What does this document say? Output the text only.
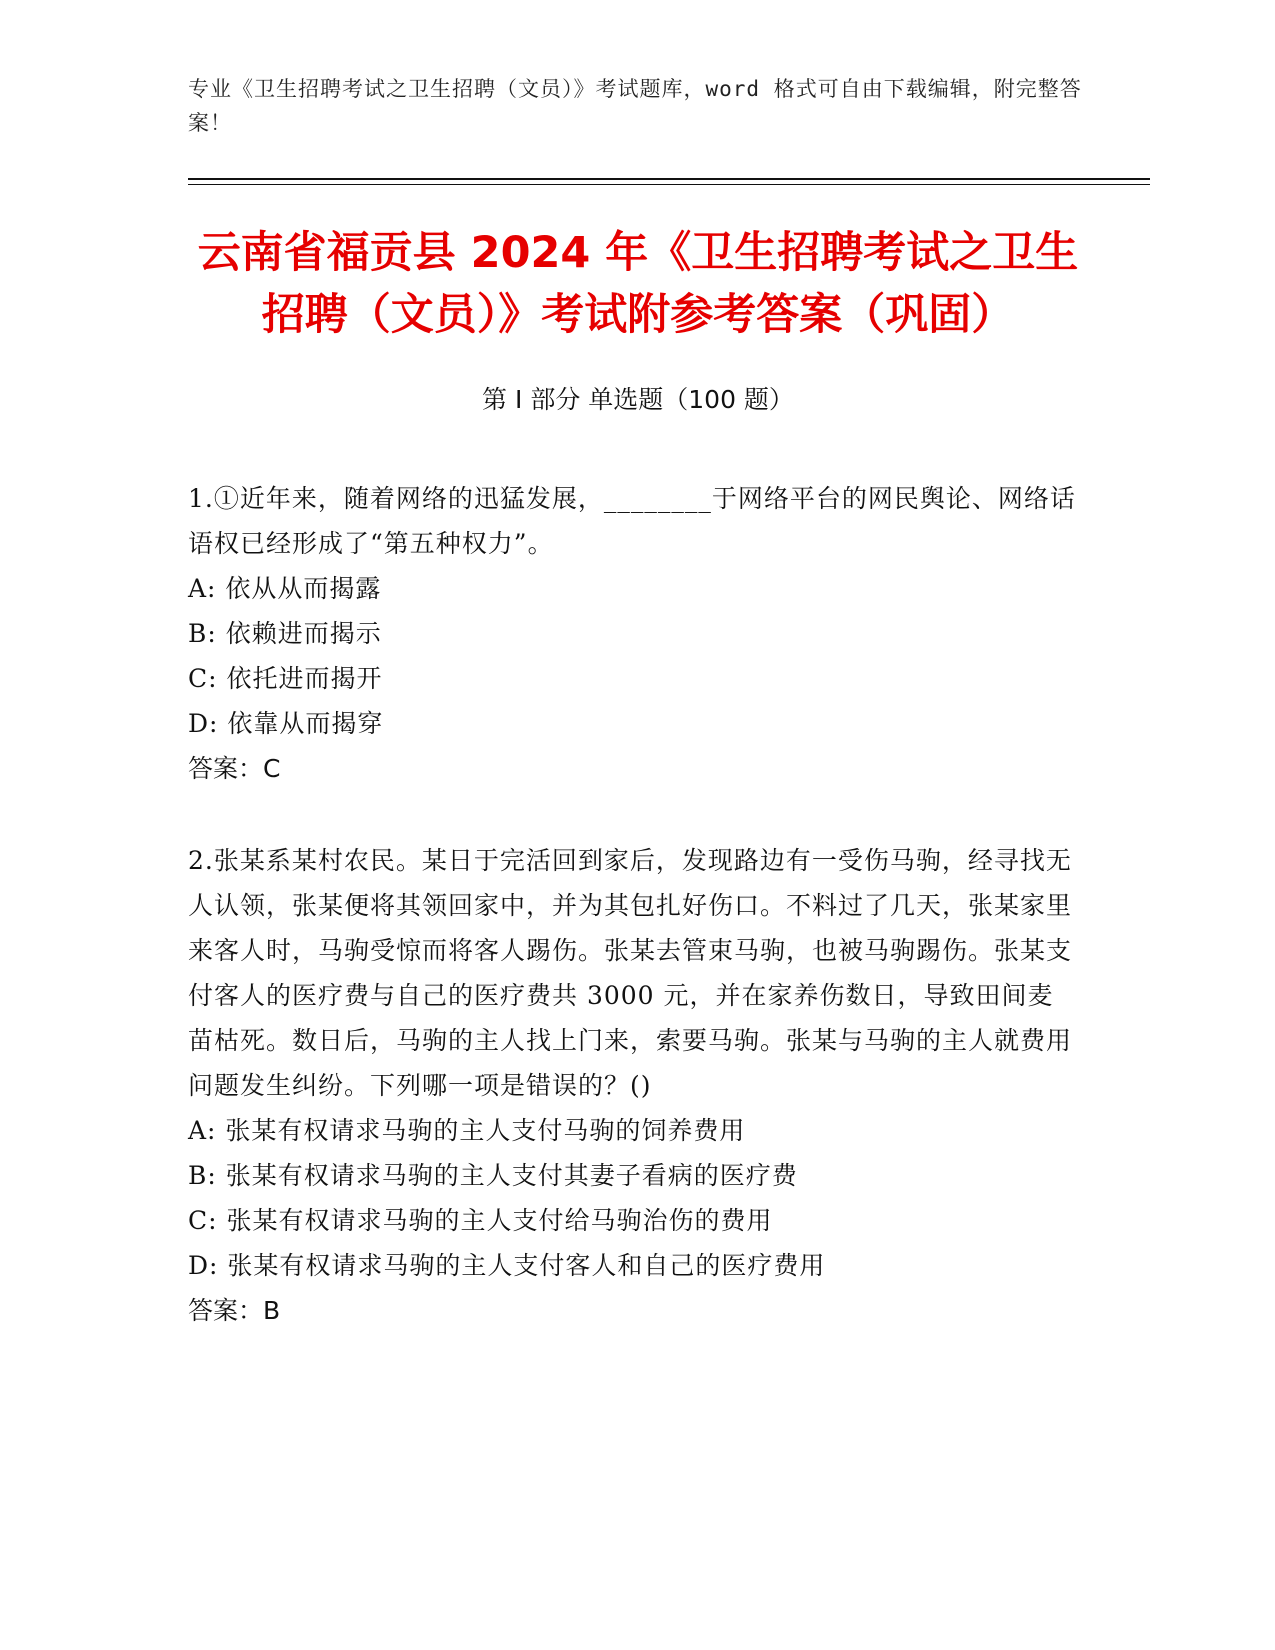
专业《卫生招聘考试之卫生招聘（文员）》考试题库，word 格式可自由下载编辑，附完整答案！
云南省福贡县 2024 年《卫生招聘考试之卫生招聘（文员）》考试附参考答案（巩固）
第 I 部分 单选题（100 题）

1.①近年来，随着网络的迅猛发展，________于网络平台的网民舆论、网络话语权已经形成了“第五种权力”。

A: 依从从而揭露

B: 依赖进而揭示

C: 依托进而揭开

D: 依靠从而揭穿

答案：C

2.张某系某村农民。某日于完活回到家后，发现路边有一受伤马驹，经寻找无人认领，张某便将其领回家中，并为其包扎好伤口。不料过了几天，张某家里来客人时，马驹受惊而将客人踢伤。张某去管束马驹，也被马驹踢伤。张某支付客人的医疗费与自己的医疗费共 3000 元，并在家养伤数日，导致田间麦苗枯死。数日后，马驹的主人找上门来，索要马驹。张某与马驹的主人就费用问题发生纠纷。下列哪一项是错误的？()

A: 张某有权请求马驹的主人支付马驹的饲养费用

B: 张某有权请求马驹的主人支付其妻子看病的医疗费

C: 张某有权请求马驹的主人支付给马驹治伤的费用

D: 张某有权请求马驹的主人支付客人和自己的医疗费用

答案：B
